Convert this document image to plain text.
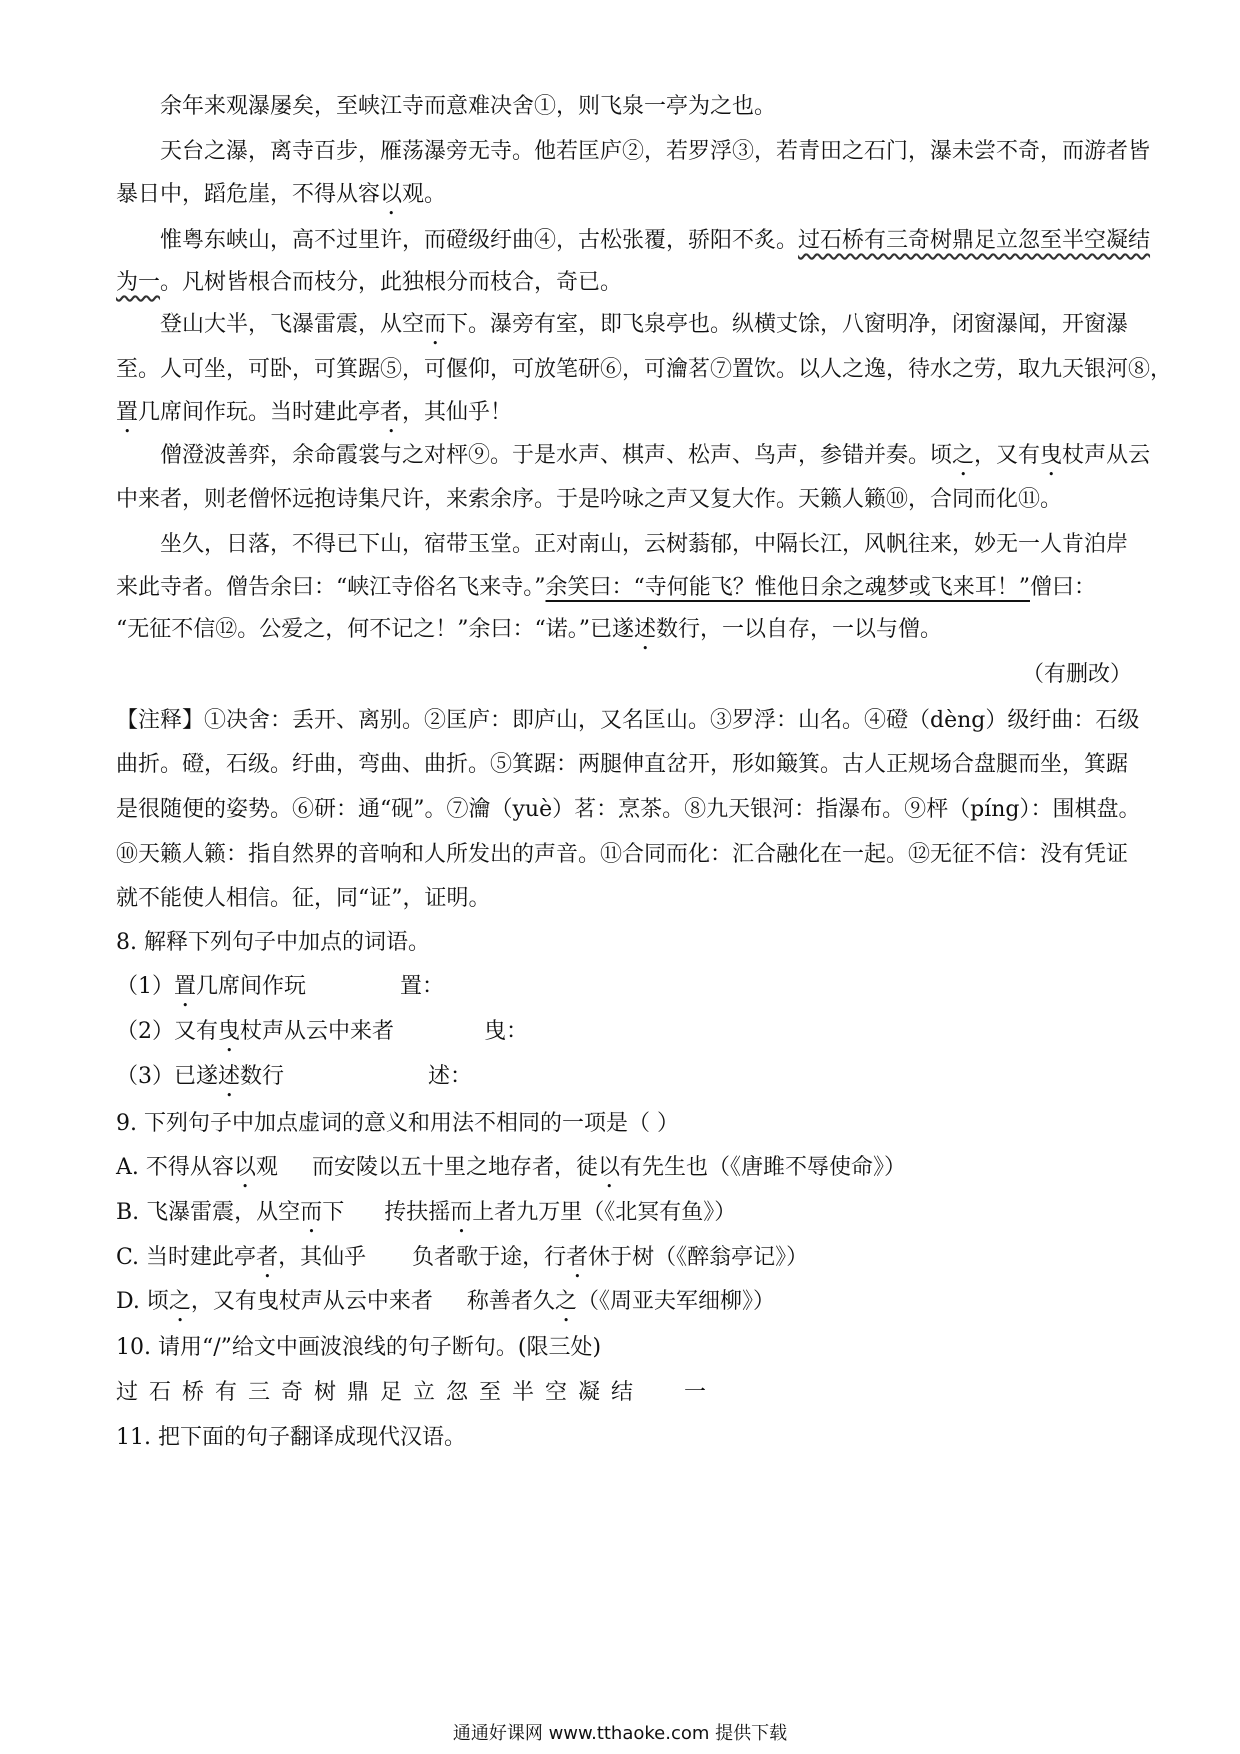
余年来观瀑屡矣，至峡江寺而意难决舍①，则飞泉一亭为之也。
天台之瀑，离寺百步，雁荡瀑旁无寺。他若匡庐②，若罗浮③，若青田之石门，瀑未尝不奇，而游者皆
暴日中，蹈危崖，不得从容以观。
惟粤东峡山，高不过里许，而磴级纡曲④，古松张覆，骄阳不炙。过石桥有三奇树鼎足立忽至半空凝结
为一。凡树皆根合而枝分，此独根分而枝合，奇已。
登山大半，飞瀑雷震，从空而下。瀑旁有室，即飞泉亭也。纵横丈馀，八窗明净，闭窗瀑闻，开窗瀑
至。人可坐，可卧，可箕踞⑤，可偃仰，可放笔研⑥，可瀹茗⑦置饮。以人之逸，待水之劳，取九天银河⑧，
置几席间作玩。当时建此亭者，其仙乎！
僧澄波善弈，余命霞裳与之对枰⑨。于是水声、棋声、松声、鸟声，参错并奏。顷之，又有曳杖声从云
中来者，则老僧怀远抱诗集尺许，来索余序。于是吟咏之声又复大作。天籁人籁⑩，合同而化⑪。
坐久，日落，不得已下山，宿带玉堂。正对南山，云树蓊郁，中隔长江，风帆往来，妙无一人肯泊岸
来此寺者。僧告余曰：“峡江寺俗名飞来寺。”余笑曰：“寺何能飞？惟他日余之魂梦或飞来耳！”僧曰：
“无征不信⑫。公爱之，何不记之！”余曰：“诺。”已遂述数行，一以自存，一以与僧。
（有删改）
【注释】①决舍：丢开、离别。②匡庐：即庐山，又名匡山。③罗浮：山名。④磴（dèng）级纡曲：石级
曲折。磴，石级。纡曲，弯曲、曲折。⑤箕踞：两腿伸直岔开，形如簸箕。古人正规场合盘腿而坐，箕踞
是很随便的姿势。⑥研：通“砚”。⑦瀹（yuè）茗：烹茶。⑧九天银河：指瀑布。⑨枰（píng）：围棋盘。
⑩天籁人籁：指自然界的音响和人所发出的声音。⑪合同而化：汇合融化在一起。⑫无征不信：没有凭证
就不能使人相信。征，同“证”，证明。
8. 解释下列句子中加点的词语。
（1）置几席间作玩	置：
（2）又有曳杖声从云中来者	曳：
（3）已遂述数行	述：
9. 下列句子中加点虚词的意义和用法不相同的一项是（ ）
A. 不得从容以观 而安陵以五十里之地存者，徒以有先生也（《唐雎不辱使命》）
B. 飞瀑雷震，从空而下 抟扶摇而上者九万里（《北冥有鱼》）
C. 当时建此亭者，其仙乎 负者歌于途，行者休于树（《醉翁亭记》）
D. 顷之，又有曳杖声从云中来者 称善者久之（《周亚夫军细柳》）
10. 请用“/”给文中画波浪线的句子断句。(限三处)
过石桥有三奇树鼎足立忽至半空凝结 一
11. 把下面的句子翻译成现代汉语。
通通好课网 www.tthaoke.com 提供下载
